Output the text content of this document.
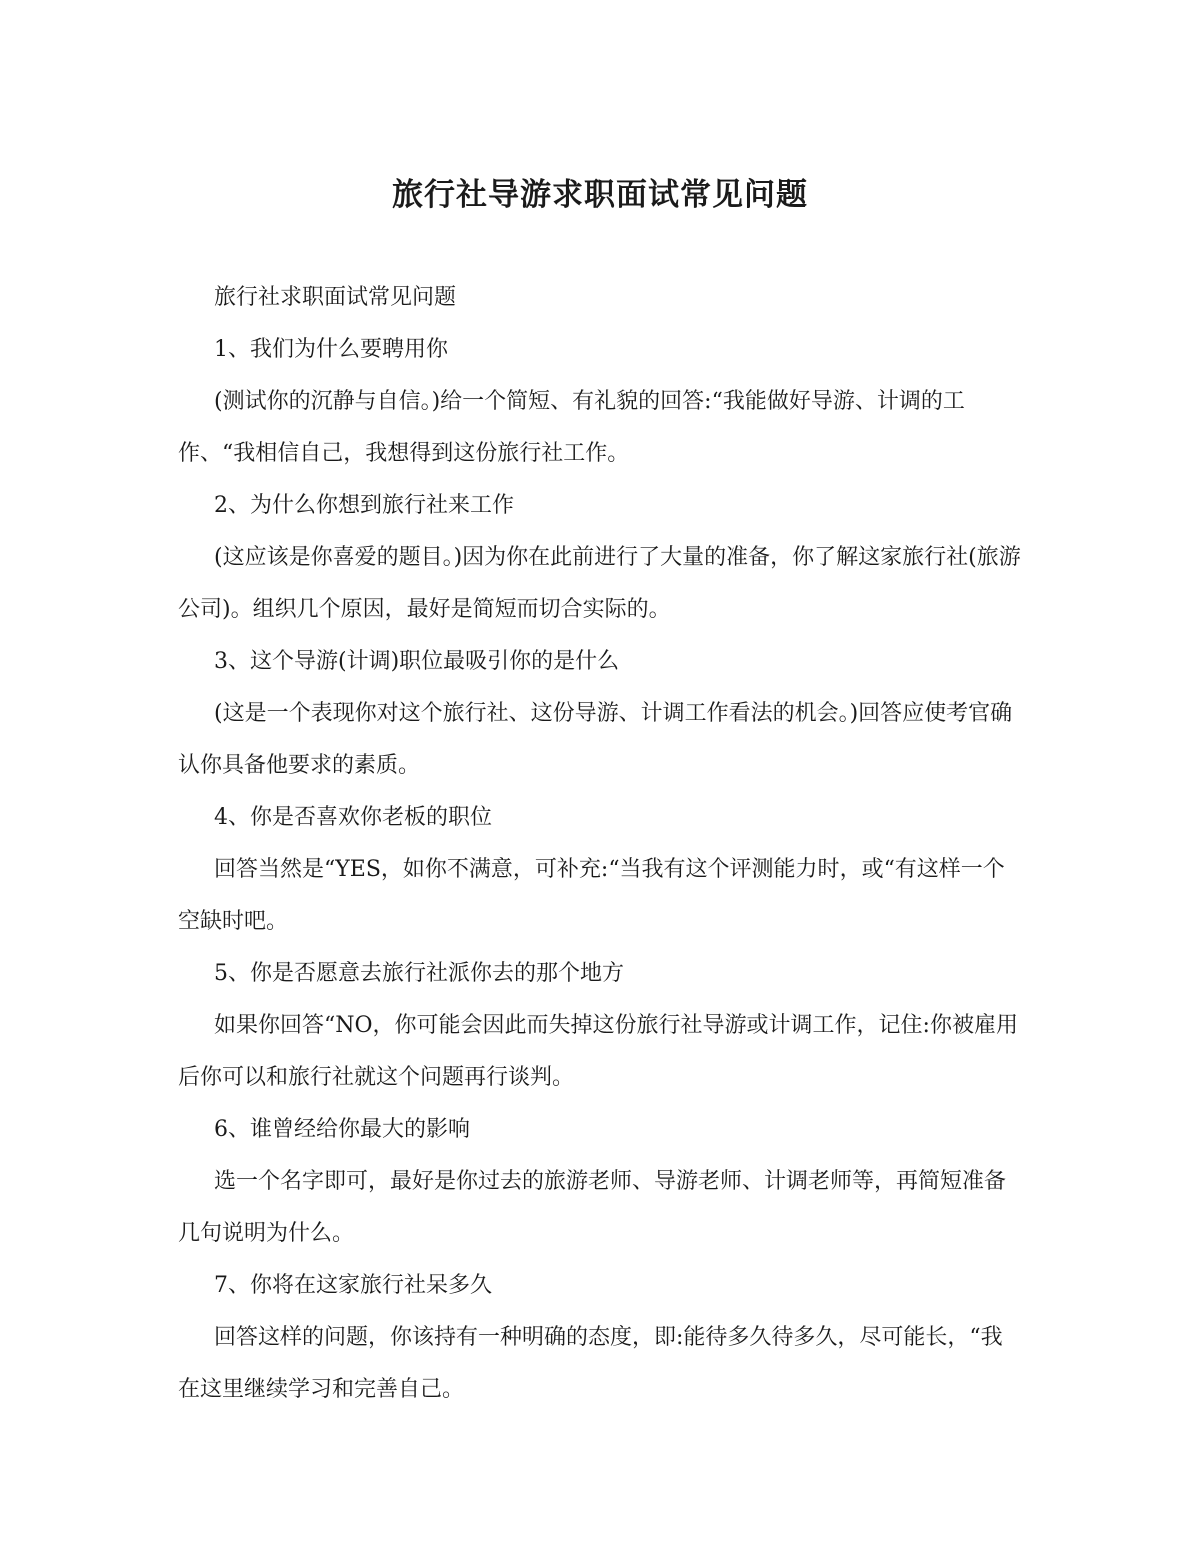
旅行社导游求职面试常见问题

旅行社求职面试常见问题

1、我们为什么要聘用你

(测试你的沉静与自信。)给一个简短、有礼貌的回答:“我能做好导游、计调的工作、“我相信自己，我想得到这份旅行社工作。

2、为什么你想到旅行社来工作

(这应该是你喜爱的题目。)因为你在此前进行了大量的准备，你了解这家旅行社(旅游公司)。组织几个原因，最好是简短而切合实际的。

3、这个导游(计调)职位最吸引你的是什么

(这是一个表现你对这个旅行社、这份导游、计调工作看法的机会。)回答应使考官确认你具备他要求的素质。

4、你是否喜欢你老板的职位

回答当然是“YES，如你不满意，可补充:“当我有这个评测能力时，或“有这样一个空缺时吧。

5、你是否愿意去旅行社派你去的那个地方

如果你回答“NO，你可能会因此而失掉这份旅行社导游或计调工作，记住:你被雇用后你可以和旅行社就这个问题再行谈判。

6、谁曾经给你最大的影响

选一个名字即可，最好是你过去的旅游老师、导游老师、计调老师等，再简短准备几句说明为什么。

7、你将在这家旅行社呆多久

回答这样的问题，你该持有一种明确的态度，即:能待多久待多久，尽可能长，“我在这里继续学习和完善自己。
